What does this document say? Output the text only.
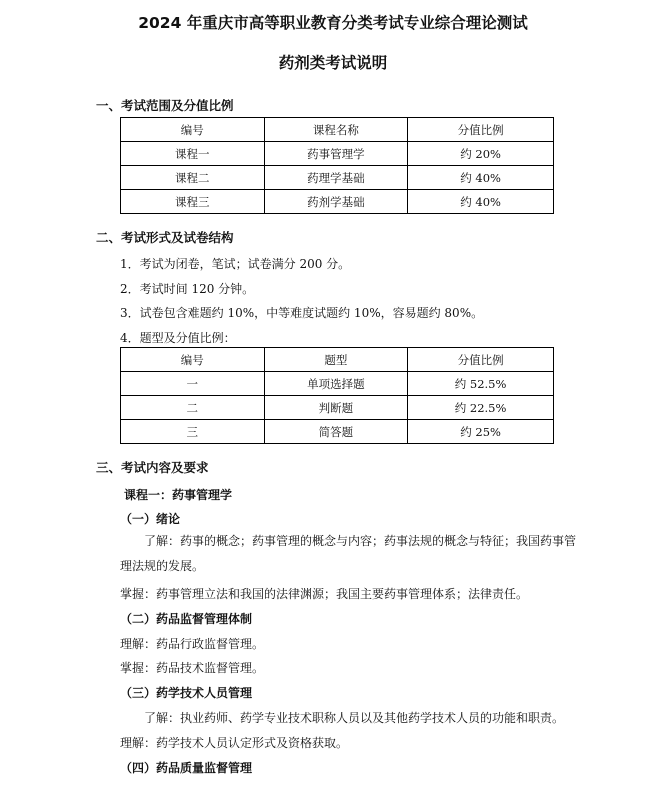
2024 年重庆市高等职业教育分类考试专业综合理论测试
药剂类考试说明
一、考试范围及分值比例
编号	课程名称	分值比例
课程一	药事管理学	约 20%
课程二	药理学基础	约 40%
课程三	药剂学基础	约 40%
二、考试形式及试卷结构
1．考试为闭卷，笔试；试卷满分 200 分。
2．考试时间 120 分钟。
3．试卷包含难题约 10%，中等难度试题约 10%，容易题约 80%。
4．题型及分值比例：
编号	题型	分值比例
一	单项选择题	约 52.5%
二	判断题	约 22.5%
三	简答题	约 25%
三、考试内容及要求
课程一：药事管理学
（一）绪论
了解：药事的概念；药事管理的概念与内容；药事法规的概念与特征；我国药事管理法规的发展。
掌握：药事管理立法和我国的法律渊源；我国主要药事管理体系；法律责任。
（二）药品监督管理体制
理解：药品行政监督管理。
掌握：药品技术监督管理。
（三）药学技术人员管理
了解：执业药师、药学专业技术职称人员以及其他药学技术人员的功能和职责。
理解：药学技术人员认定形式及资格获取。
（四）药品质量监督管理
